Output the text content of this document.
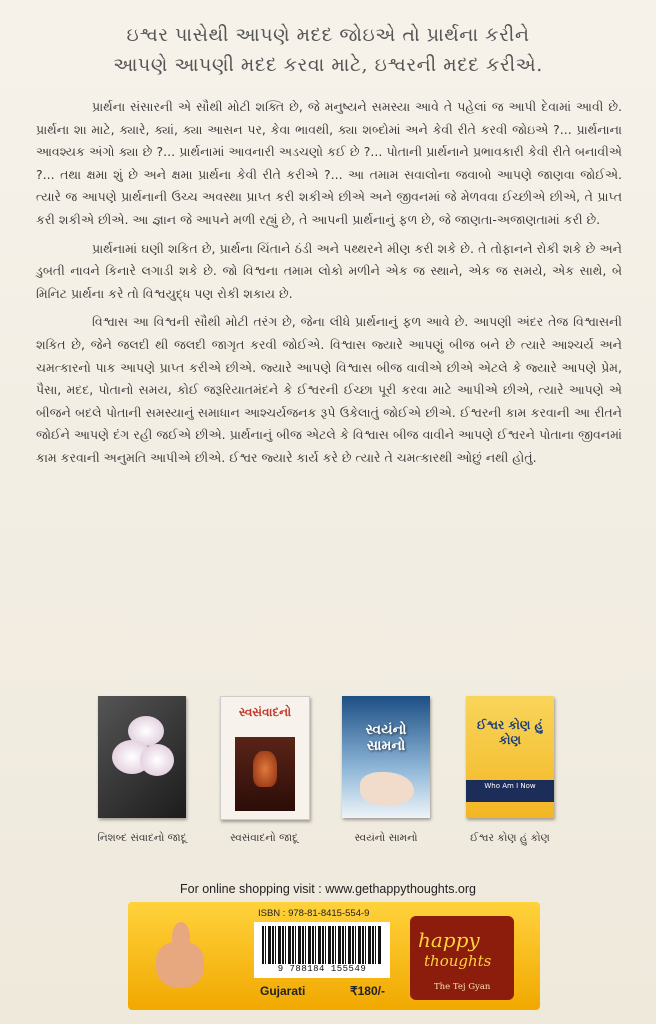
ઇશ્વર પાસેથી આપણે મદદ જોઇએ તો પ્રાર્થના કરીને
આપણે આપણી મદદ કરવા માટે, ઇશ્વરની મદદ કરીએ.

પ્રાર્થના સંસારની એ સૌથી મોટી શક્તિ છે, જે મનુષ્યને સમસ્યા આવે તે પહેલાં જ આપી દેવામાં આવી છે. પ્રાર્થના શા માટે, ક્યારે, ક્યાં, ક્યા આસન પર, કેવા ભાવથી, ક્યા શબ્દોમાં અને કેવી રીતે કરવી જોઇએ ?... પ્રાર્થનાના આવશ્યક અંગો ક્યા છે ?... પ્રાર્થનામાં આવનારી અડચણો કઈ છે ?... પોતાની પ્રાર્થનાને પ્રભાવકારી કેવી રીતે બનાવીએ ?... તથા ક્ષમા શું છે અને ક્ષમા પ્રાર્થના કેવી રીતે કરીએ ?... આ તમામ સવાલોના જવાબો આપણે જાણવા જોઈએ. ત્યારે જ આપણે પ્રાર્થનાની ઉચ્ચ અવસ્થા પ્રાપ્ત કરી શકીએ છીએ અને જીવનમાં જે મેળવવા ઈચ્છીએ છીએ, તે પ્રાપ્ત કરી શકીએ છીએ. આ જ્ઞાન જે આપને મળી રહ્યું છે, તે આપની પ્રાર્થનાનું ફળ છે, જે જાણતા-અજાણતામાં કરી છે.

પ્રાર્થનામાં ઘણી શકિત છે, પ્રાર્થના ચિંતાને ઠંડી અને પથ્થરને મીણ કરી શકે છે. તે તોફાનને રોકી શકે છે અને ડુબતી નાવને કિનારે લગાડી શકે છે. જો વિશ્વના તમામ લોકો મળીને એક જ સ્થાને, એક જ સમયે, એક સાથે, બે મિનિટ પ્રાર્થના કરે તો વિશ્વયુદ્ધ પણ રોકી શકાય છે.

વિશ્વાસ આ વિશ્વની સૌથી મોટી તરંગ છે, જેના લીધે પ્રાર્થનાનું ફળ આવે છે. આપણી અંદર તેજ વિશ્વાસની શકિત છે, જેને જલદી થી જલદી જાગૃત કરવી જોઈએ. વિશ્વાસ જ્યારે આપણું બીજ બને છે ત્યારે આશ્ચર્ય અને ચમત્કારનો પાક આપણે પ્રાપ્ત કરીએ છીએ. જ્યારે આપણે વિશ્વાસ બીજ વાવીએ છીએ એટલે કે જ્યારે આપણે પ્રેમ, પૈસા, મદદ, પોતાનો સમય, કોઈ જરૂરિયાતમંદને કે ઈશ્વરની ઈચ્છા પૂરી કરવા માટે આપીએ છીએ, ત્યારે આપણે એ બીજને બદલે પોતાની સમસ્યાનું સમાધાન આશ્ચર્યજનક રૂપે ઉકેલાતું જોઈએ છીએ. ઈશ્વરની કામ કરવાની આ રીતને જોઈને આપણે દંગ રહી જઈએ છીએ. પ્રાર્થનાનું બીજ એટલે કે વિશ્વાસ બીજ વાવીને આપણે ઈશ્વરને પોતાના જીવનમાં કામ કરવાની અનુમતિ આપીએ છીએ. ઈશ્વર જ્યારે કાર્ય કરે છે ત્યારે તે ચમત્કારથી ઓછું નથી હોતું.

નિશબ્દ સંવાદનો જાદૂ
સ્વસંવાદનો
સ્વસંવાદનો જાદૂ
સ્વયંનો સામનો
સ્વયંનો સામનો
ઈશ્વર કોણ હું કોણ
Who Am I Now
ઈશ્વર કોણ હું કોણ
For online shopping visit : www.gethappythoughts.org
ISBN : 978-81-8415-554-9
9 788184 155549
Gujarati	₹180/-
happy
thoughts
The Tej Gyan
